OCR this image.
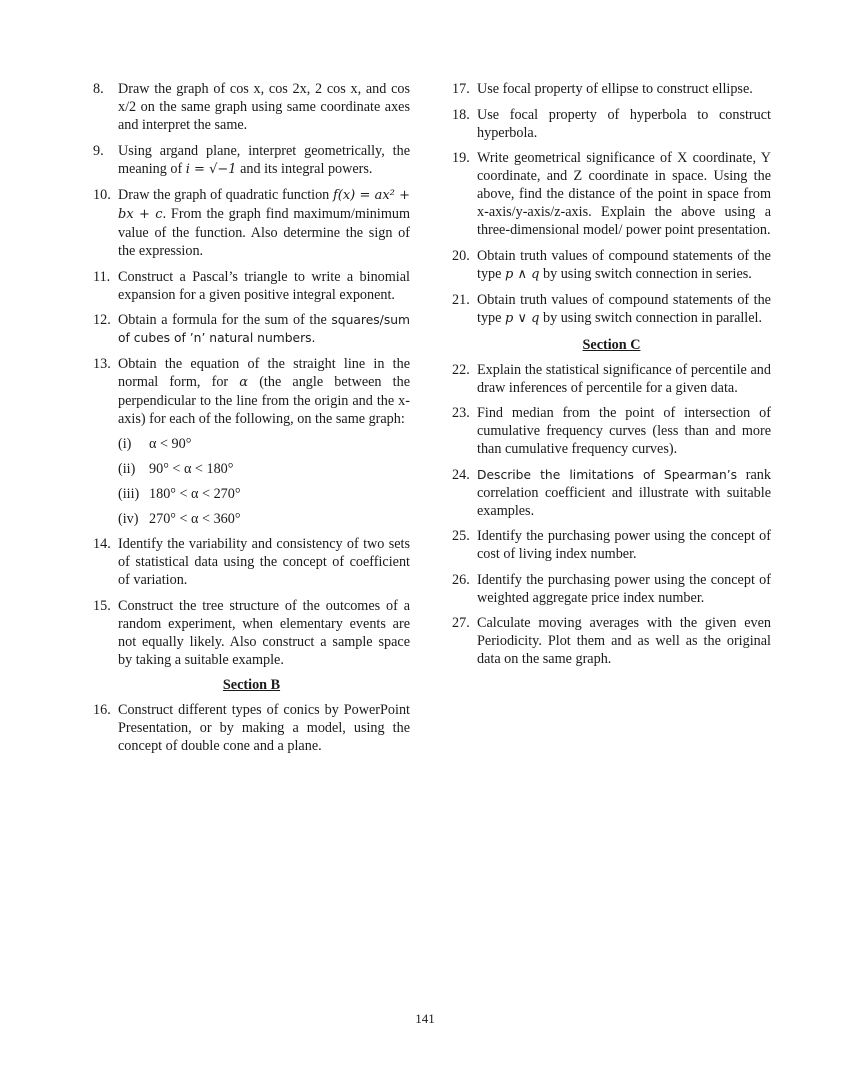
8.	Draw the graph of cos x, cos 2x, 2 cos x, and cos x/2 on the same graph using same coordinate axes and interpret the same.
9.	Using argand plane, interpret geometrically, the meaning of i = √−1 and its integral powers.
10. Draw the graph of quadratic function f(x) = ax² + bx + c. From the graph find maximum/minimum value of the function. Also determine the sign of the expression.
11. Construct a Pascal’s triangle to write a binomial expansion for a given positive integral exponent.
12. Obtain a formula for the sum of the squares/sum of cubes of ’n’ natural numbers.
13. Obtain the equation of the straight line in the normal form, for α (the angle between the perpendicular to the line from the origin and the x-axis) for each of the following, on the same graph:
(i)	α < 90°
(ii) 90° < α < 180°
(iii) 180° < α < 270°
(iv) 270° < α < 360°
14. Identify the variability and consistency of two sets of statistical data using the concept of coefficient of variation.
15. Construct the tree structure of the outcomes of a random experiment, when elementary events are not equally likely. Also construct a sample space by taking a suitable example.
Section B
16. Construct different types of conics by PowerPoint Presentation, or by making a model, using the concept of double cone and a plane.
17. Use focal property of ellipse to construct ellipse.
18. Use focal property of hyperbola to construct hyperbola.
19. Write geometrical significance of X coordinate, Y coordinate, and Z coordinate in space. Using the above, find the distance of the point in space from x-axis/y-axis/z-axis. Explain the above using a three-dimensional model/ power point presentation.
20. Obtain truth values of compound statements of the type p ∧ q by using switch connection in series.
21. Obtain truth values of compound statements of the type p ∨ q by using switch connection in parallel.
Section C
22. Explain the statistical significance of percentile and draw inferences of percentile for a given data.
23. Find median from the point of intersection of cumulative frequency curves (less than and more than cumulative frequency curves).
24. Describe the limitations of Spearman’s rank correlation coefficient and illustrate with suitable examples.
25. Identify the purchasing power using the concept of cost of living index number.
26. Identify the purchasing power using the concept of weighted aggregate price index number.
27. Calculate moving averages with the given even Periodicity. Plot them and as well as the original data on the same graph.
141
